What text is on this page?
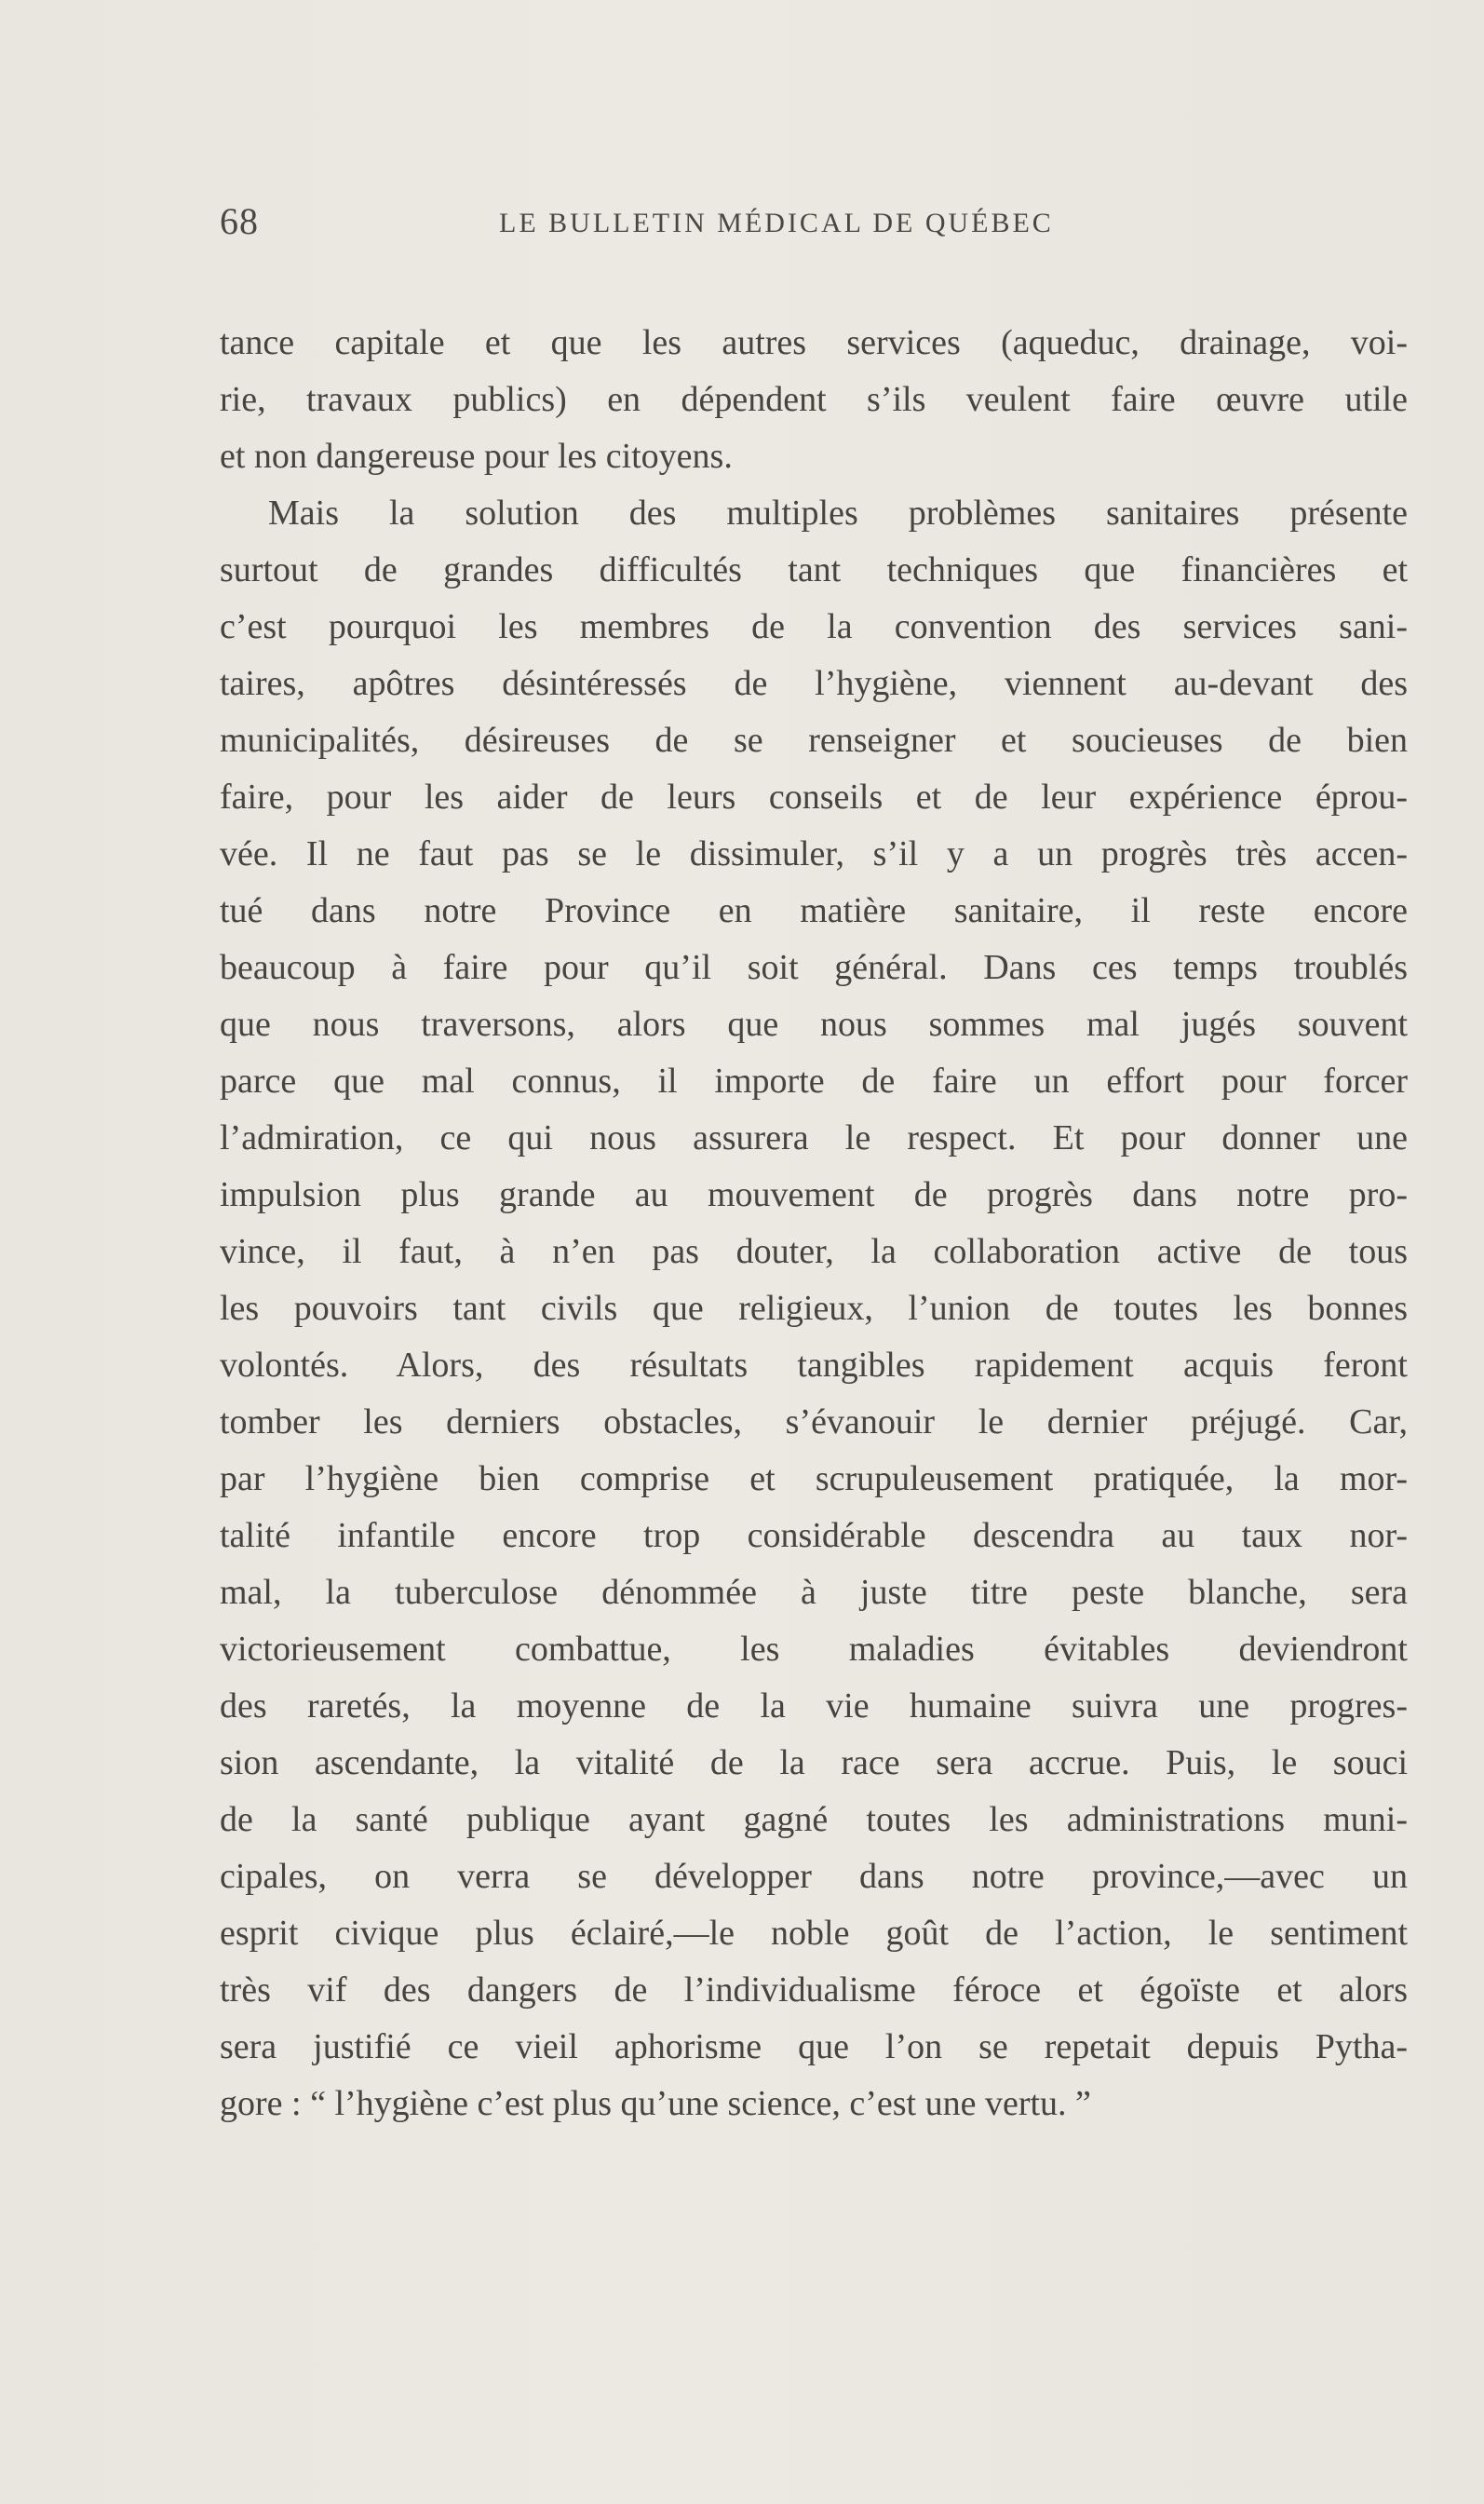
68	LE BULLETIN MÉDICAL DE QUÉBEC
tance capitale et que les autres services (aqueduc, drainage, voi-
rie, travaux publics) en dépendent s’ils veulent faire œuvre utile
et non dangereuse pour les citoyens.
Mais la solution des multiples problèmes sanitaires présente
surtout de grandes difficultés tant techniques que financières et
c’est pourquoi les membres de la convention des services sani-
taires, apôtres désintéressés de l’hygiène, viennent au-devant des
municipalités, désireuses de se renseigner et soucieuses de bien
faire, pour les aider de leurs conseils et de leur expérience éprou-
vée. Il ne faut pas se le dissimuler, s’il y a un progrès très accen-
tué dans notre Province en matière sanitaire, il reste encore
beaucoup à faire pour qu’il soit général. Dans ces temps troublés
que nous traversons, alors que nous sommes mal jugés souvent
parce que mal connus, il importe de faire un effort pour forcer
l’admiration, ce qui nous assurera le respect. Et pour donner une
impulsion plus grande au mouvement de progrès dans notre pro-
vince, il faut, à n’en pas douter, la collaboration active de tous
les pouvoirs tant civils que religieux, l’union de toutes les bonnes
volontés. Alors, des résultats tangibles rapidement acquis feront
tomber les derniers obstacles, s’évanouir le dernier préjugé. Car,
par l’hygiène bien comprise et scrupuleusement pratiquée, la mor-
talité infantile encore trop considérable descendra au taux nor-
mal, la tuberculose dénommée à juste titre peste blanche, sera
victorieusement combattue, les maladies évitables deviendront
des raretés, la moyenne de la vie humaine suivra une progres-
sion ascendante, la vitalité de la race sera accrue. Puis, le souci
de la santé publique ayant gagné toutes les administrations muni-
cipales, on verra se développer dans notre province,—avec un
esprit civique plus éclairé,—le noble goût de l’action, le sentiment
très vif des dangers de l’individualisme féroce et égoïste et alors
sera justifié ce vieil aphorisme que l’on se repetait depuis Pytha-
gore : “ l’hygiène c’est plus qu’une science, c’est une vertu. ”
